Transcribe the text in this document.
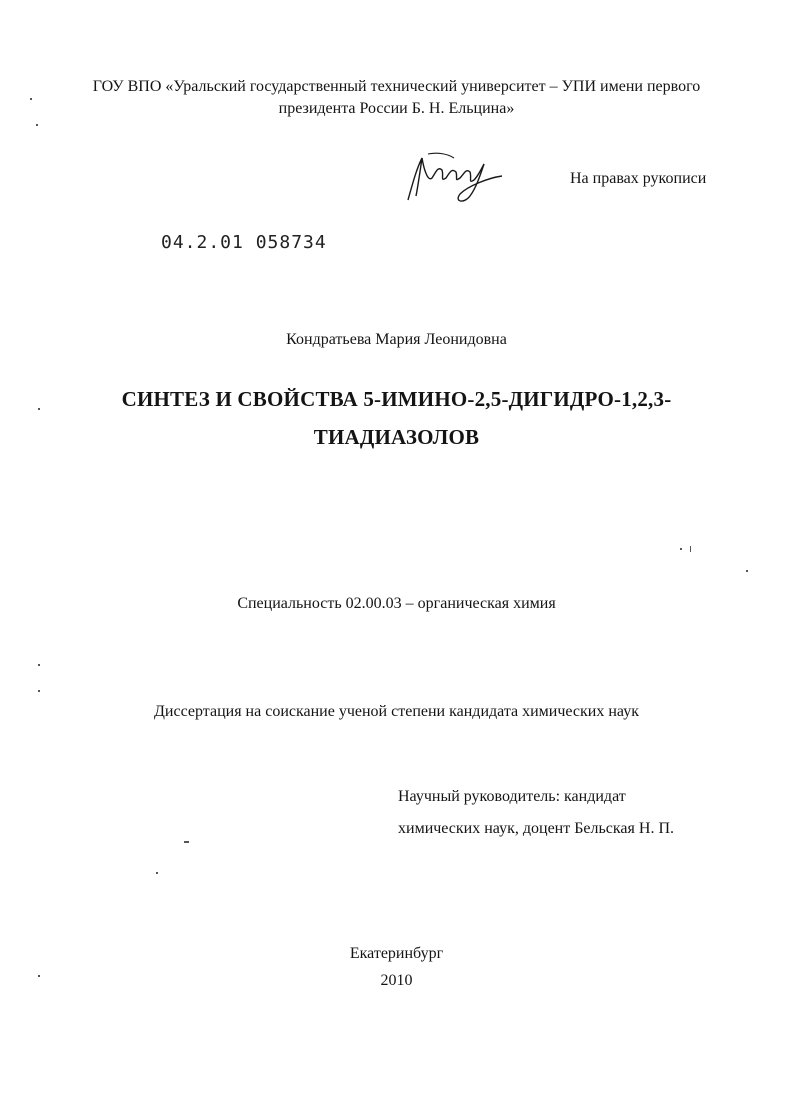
ГОУ ВПО «Уральский государственный технический университет – УПИ имени первого
президента России Б. Н. Ельцина»
На правах рукописи
04.2.01 058734
Кондратьева Мария Леонидовна
СИНТЕЗ И СВОЙСТВА 5-ИМИНО-2,5-ДИГИДРО-1,2,3-
ТИАДИАЗОЛОВ
Специальность 02.00.03 – органическая химия
Диссертация на соискание ученой степени кандидата химических наук
Научный руководитель: кандидат
химических наук, доцент Бельская Н. П.
Екатеринбург
2010
